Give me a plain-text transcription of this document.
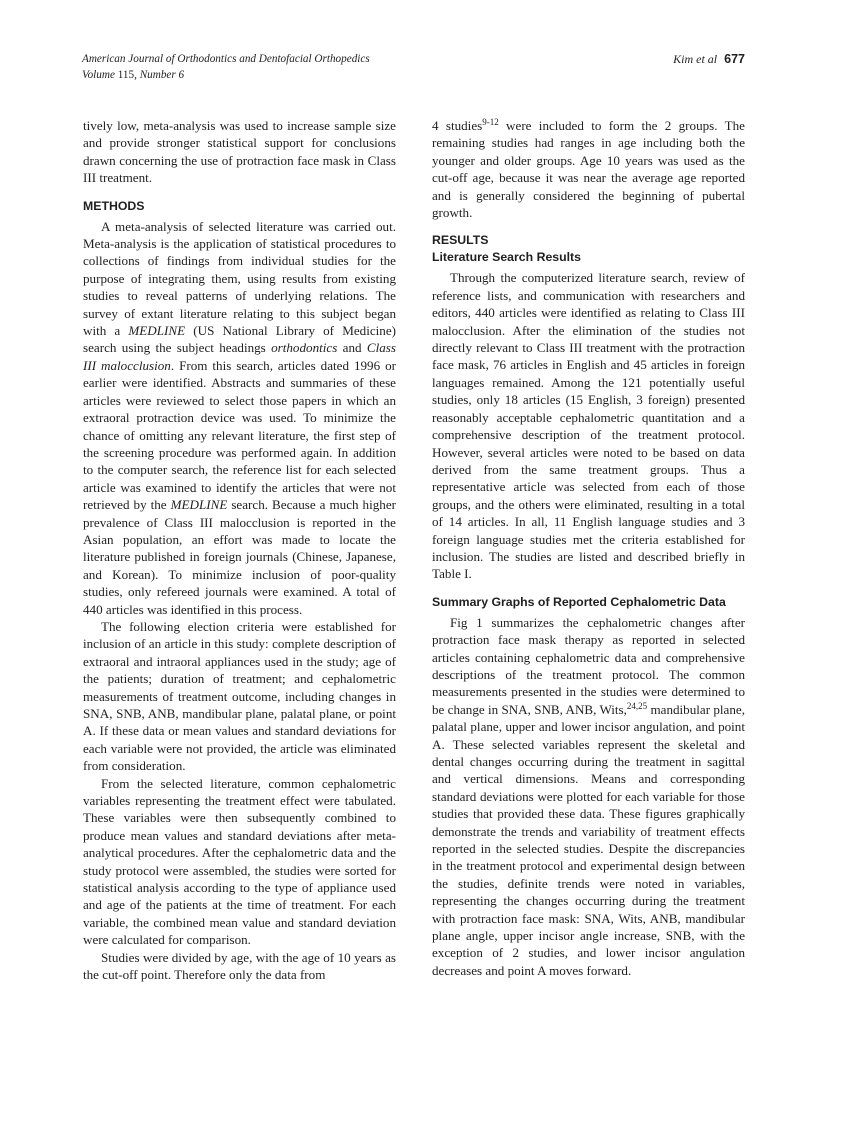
American Journal of Orthodontics and Dentofacial Orthopedics
Volume 115, Number 6
Kim et al 677

tively low, meta-analysis was used to increase sample size and provide stronger statistical support for conclusions drawn concerning the use of protraction face mask in Class III treatment.

METHODS

A meta-analysis of selected literature was carried out. Meta-analysis is the application of statistical procedures to collections of findings from individual studies for the purpose of integrating them, using results from existing studies to reveal patterns of underlying relations. The survey of extant literature relating to this subject began with a MEDLINE (US National Library of Medicine) search using the subject headings orthodontics and Class III malocclusion. From this search, articles dated 1996 or earlier were identified. Abstracts and summaries of these articles were reviewed to select those papers in which an extraoral protraction device was used. To minimize the chance of omitting any relevant literature, the first step of the screening procedure was performed again. In addition to the computer search, the reference list for each selected article was examined to identify the articles that were not retrieved by the MEDLINE search. Because a much higher prevalence of Class III malocclusion is reported in the Asian population, an effort was made to locate the literature published in foreign journals (Chinese, Japanese, and Korean). To minimize inclusion of poor-quality studies, only refereed journals were examined. A total of 440 articles was identified in this process.

The following election criteria were established for inclusion of an article in this study: complete description of extraoral and intraoral appliances used in the study; age of the patients; duration of treatment; and cephalometric measurements of treatment outcome, including changes in SNA, SNB, ANB, mandibular plane, palatal plane, or point A. If these data or mean values and standard deviations for each variable were not provided, the article was eliminated from consideration.

From the selected literature, common cephalometric variables representing the treatment effect were tabulated. These variables were then subsequently combined to produce mean values and standard deviations after meta-analytical procedures. After the cephalometric data and the study protocol were assembled, the studies were sorted for statistical analysis according to the type of appliance used and age of the patients at the time of treatment. For each variable, the combined mean value and standard deviation were calculated for comparison.

Studies were divided by age, with the age of 10 years as the cut-off point. Therefore only the data from

4 studies$^{9-12}$ were included to form the 2 groups. The remaining studies had ranges in age including both the younger and older groups. Age 10 years was used as the cut-off age, because it was near the average age reported and is generally considered the beginning of pubertal growth.

RESULTS
Literature Search Results

Through the computerized literature search, review of reference lists, and communication with researchers and editors, 440 articles were identified as relating to Class III malocclusion. After the elimination of the studies not directly relevant to Class III treatment with the protraction face mask, 76 articles in English and 45 articles in foreign languages remained. Among the 121 potentially useful studies, only 18 articles (15 English, 3 foreign) presented reasonably acceptable cephalometric quantitation and a comprehensive description of the treatment protocol. However, several articles were noted to be based on data derived from the same treatment groups. Thus a representative article was selected from each of those groups, and the others were eliminated, resulting in a total of 14 articles. In all, 11 English language studies and 3 foreign language studies met the criteria established for inclusion. The studies are listed and described briefly in Table I.

Summary Graphs of Reported Cephalometric Data

Fig 1 summarizes the cephalometric changes after protraction face mask therapy as reported in selected articles containing cephalometric data and comprehensive descriptions of the treatment protocol. The common measurements presented in the studies were determined to be change in SNA, SNB, ANB, Wits,$^{24,25}$ mandibular plane, palatal plane, upper and lower incisor angulation, and point A. These selected variables represent the skeletal and dental changes occurring during the treatment in sagittal and vertical dimensions. Means and corresponding standard deviations were plotted for each variable for those studies that provided these data. These figures graphically demonstrate the trends and variability of treatment effects reported in the selected studies. Despite the discrepancies in the treatment protocol and experimental design between the studies, definite trends were noted in variables, representing the changes occurring during the treatment with protraction face mask: SNA, Wits, ANB, mandibular plane angle, upper incisor angle increase, SNB, with the exception of 2 studies, and lower incisor angulation decreases and point A moves forward.
